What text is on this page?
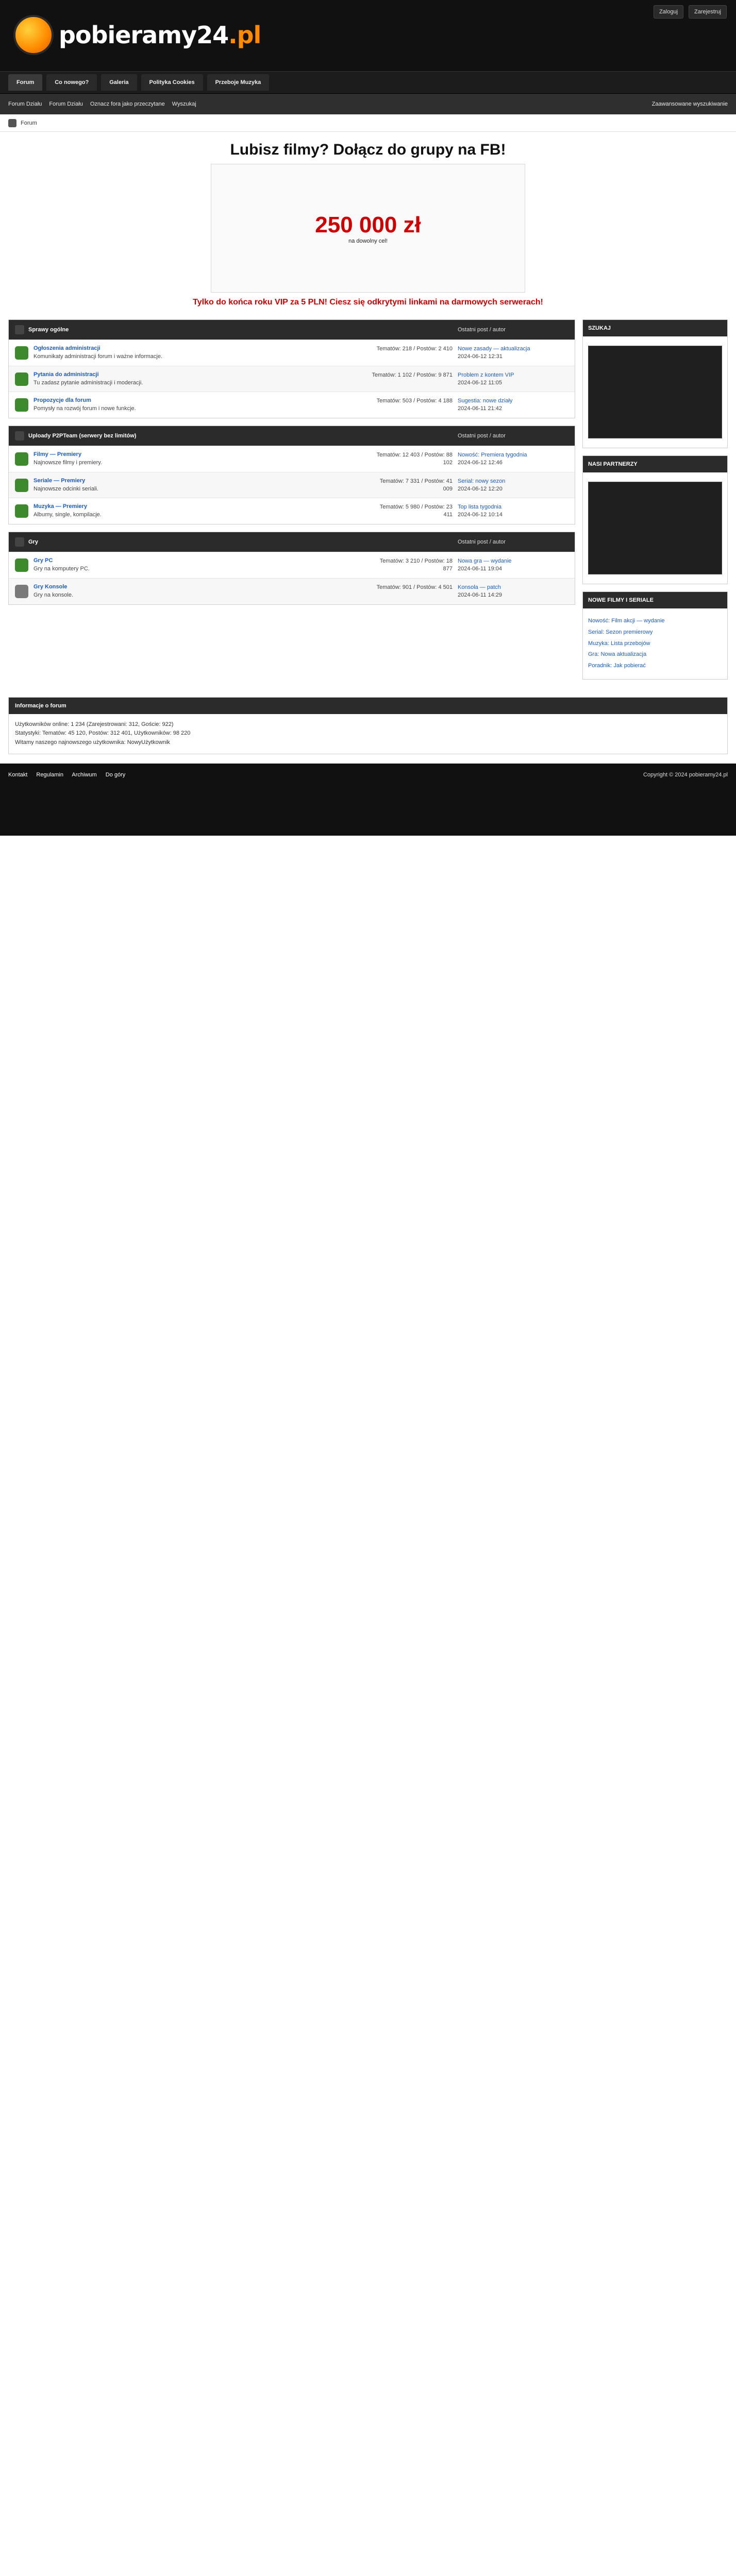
pobieramy24.pl
Zaloguj	Zarejestruj
Forum	Co nowego?	Galeria	Polityka Cookies	Przeboje Muzyka
Forum Działu Forum Działu Oznacz fora jako przeczytane Wyszukaj	Zaawansowane wyszukiwanie
Forum
Lubisz filmy? Dołącz do grupy na FB!
250 000 zł
na dowolny cel!
Tylko do końca roku VIP za 5 PLN! Ciesz się odkrytymi linkami na darmowych serwerach!
Sprawy ogólne	Ostatni post / autor
Ogłoszenia administracji
Komunikaty administracji forum i ważne informacje.
Tematów: 218 / Postów: 2 410 Nowe zasady — aktualizacja
2024-06-12 12:31
Pytania do administracji
Tu zadasz pytanie administracji i moderacji.
Tematów: 1 102 / Postów: 9 871 Problem z kontem VIP
2024-06-12 11:05
Propozycje dla forum
Pomysły na rozwój forum i nowe funkcje.
Tematów: 503 / Postów: 4 188 Sugestia: nowe działy
2024-06-11 21:42
Uploady P2PTeam (serwery bez limitów)	Ostatni post / autor
Filmy — Premiery
Najnowsze filmy i premiery.
Tematów: 12 403 / Postów: 88 102
Nowość: Premiera tygodnia
2024-06-12 12:46
Seriale — Premiery
Najnowsze odcinki seriali.
Tematów: 7 331 / Postów: 41 009
Serial: nowy sezon
2024-06-12 12:20
Muzyka — Premiery
Albumy, single, kompilacje.
Tematów: 5 980 / Postów: 23 411
Top lista tygodnia
2024-06-12 10:14
Gry	Ostatni post / autor
Gry PC
Gry na komputery PC.
Tematów: 3 210 / Postów: 18 877
Nowa gra — wydanie
2024-06-11 19:04
Gry Konsole
Gry na konsole.
Tematów: 901 / Postów: 4 501 Konsola — patch
2024-06-11 14:29
SZUKAJ
NASI PARTNERZY
NOWE FILMY I SERIALE
Nowość: Film akcji — wydanie
Serial: Sezon premierowy
Muzyka: Lista przebojów
Gra: Nowa aktualizacja
Poradnik: Jak pobierać
Informacje o forum
Użytkowników online: 1 234 (Zarejestrowani: 312, Goście: 922)
Statystyki: Tematów: 45 120, Postów: 312 401, Użytkowników: 98 220
Witamy naszego najnowszego użytkownika: NowyUżytkownik
Kontakt Regulamin Archiwum Do góry	Copyright © 2024 pobieramy24.pl
